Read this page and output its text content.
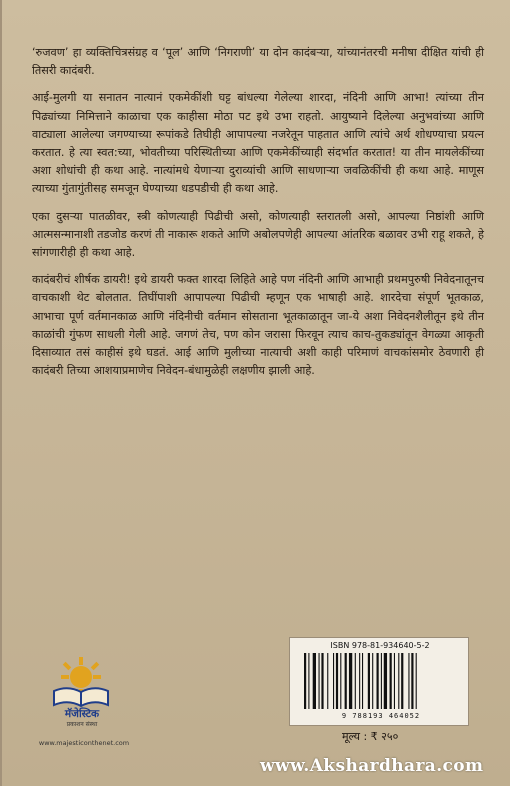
‘रुजवण’ हा व्यक्तिचित्रसंग्रह व ‘पूल’ आणि ‘निगराणी’ या दोन कादंबऱ्या, यांच्यानंतरची मनीषा दीक्षित यांची ही तिसरी कादंबरी.

आई-मुलगी या सनातन नात्यानं एकमेकींशी घट्ट बांधल्या गेलेल्या शारदा, नंदिनी आणि आभा! त्यांच्या तीन पिढ्यांच्या निमित्ताने काळाचा एक काहीसा मोठा पट इथे उभा राहतो. आयुष्याने दिलेल्या अनुभवांच्या आणि वाट्याला आलेल्या जगण्याच्या रूपांकडे तिघीही आपापल्या नजरेतून पाहतात आणि त्यांचे अर्थ शोधण्याचा प्रयत्न करतात. हे त्या स्वत:च्या, भोवतीच्या परिस्थितीच्या आणि एकमेकींच्याही संदर्भात करतात! या तीन मायलेकींच्या अशा शोधांची ही कथा आहे. नात्यांमधे येणाऱ्या दुराव्यांची आणि साधणाऱ्या जवळिकींची ही कथा आहे. माणूस त्याच्या गुंतागुंतीसह समजून घेण्याच्या धडपडीची ही कथा आहे.

एका दुसऱ्या पातळीवर, स्त्री कोणत्याही पिढीची असो, कोणत्याही स्तरातली असो, आपल्या निष्ठांशी आणि आत्मसन्मानाशी तडजोड करणं ती नाकारू शकते आणि अबोलपणेही आपल्या आंतरिक बळावर उभी राहू शकते, हे सांगणारीही ही कथा आहे.

कादंबरीचं शीर्षक डायरी! इथे डायरी फक्त शारदा लिहिते आहे पण नंदिनी आणि आभाही प्रथमपुरुषी निवेदनातूनच वाचकाशी थेट बोलतात. तिघींपाशी आपापल्या पिढीची म्हणून एक भाषाही आहे. शारदेचा संपूर्ण भूतकाळ, आभाचा पूर्ण वर्तमानकाळ आणि नंदिनीची वर्तमान सोसताना भूतकाळातून जा-ये अशा निवेदनशैलीतून इथे तीन काळांची गुंफण साधली गेली आहे. जगणं तेच, पण कोन जरासा फिरवून त्याच काच-तुकड्यांतून वेगळ्या आकृती दिसाव्यात तसं काहीसं इथे घडतं. आई आणि मुलीच्या नात्याची अशी काही परिमाणं वाचकांसमोर ठेवणारी ही कादंबरी तिच्या आशयाप्रमाणेच निवेदन-बंधामुळेही लक्षणीय झाली आहे.

मॅजेस्टिक
प्रकाशन संस्था
www.majesticonthenet.com
ISBN 978-81-934640-5-2
9 788193 464052
मूल्य : ₹ २५०
www.Akshardhara.com
